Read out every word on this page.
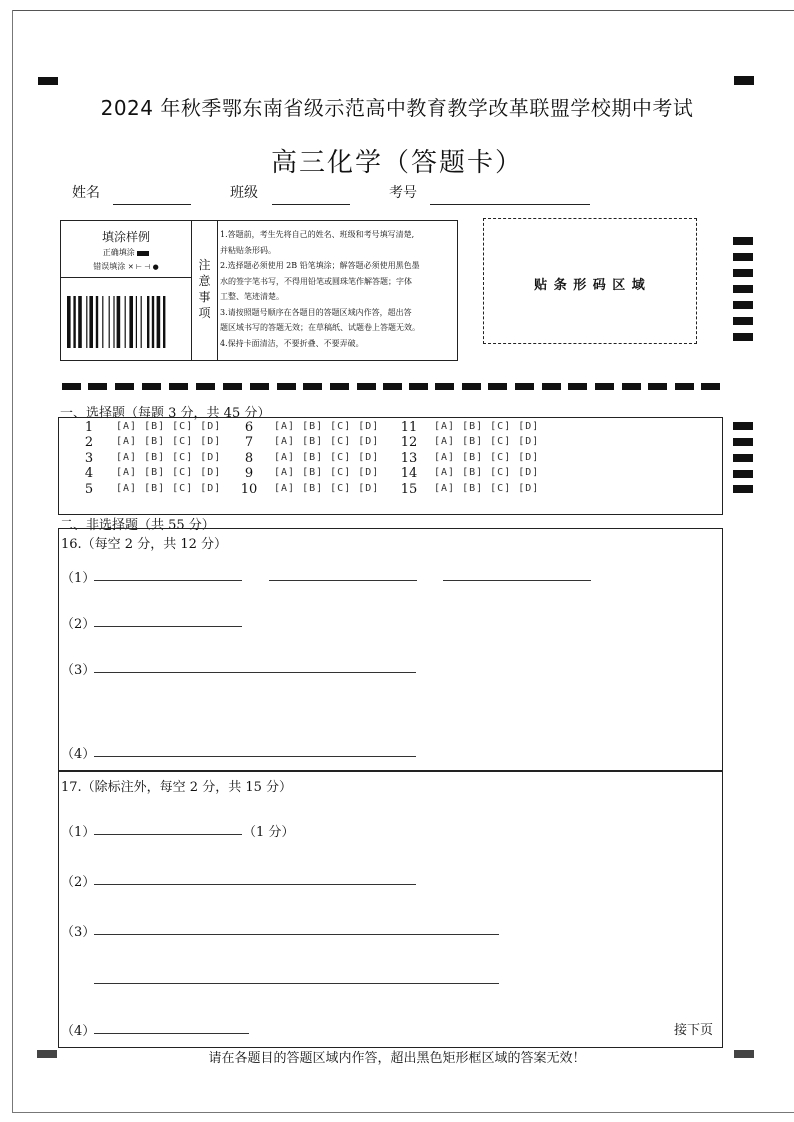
2024 年秋季鄂东南省级示范高中教育教学改革联盟学校期中考试
高三化学（答题卡）
姓名	班级	考号
填涂样例
正确填涂
错误填涂 ✕ ⊢ ⊣ ●	注
意
事
项
1.答题前，考生先将自己的姓名、班级和考号填写清楚,
并粘贴条形码。
2.选择题必须使用 2B 铅笔填涂；解答题必须使用黑色墨
水的签字笔书写，不得用铅笔或圆珠笔作解答题；字体
工整、笔迹清楚。
3.请按照题号顺序在各题目的答题区域内作答，超出答
题区域书写的答题无效；在草稿纸、试题卷上答题无效。
4.保持卡面清洁，不要折叠、不要弄破。
贴 条 形 码 区 域
一、选择题（每题 3 分，共 45 分）
1	[A] [B] [C] [D]
2	[A] [B] [C] [D]
3	[A] [B] [C] [D]
4	[A] [B] [C] [D]
5	[A] [B] [C] [D]
6	[A] [B] [C] [D]
7	[A] [B] [C] [D]
8	[A] [B] [C] [D]
9	[A] [B] [C] [D]
10 [A] [B] [C] [D]
11 [A] [B] [C] [D]
12 [A] [B] [C] [D]
13 [A] [B] [C] [D]
14 [A] [B] [C] [D]
15 [A] [B] [C] [D]
二、非选择题（共 55 分）
16.（每空 2 分，共 12 分）
（1）
（2）
（3）
（4）
17.（除标注外，每空 2 分，共 15 分）
（1）	（1 分）
（2）
（3）
（4）	接下页
请在各题目的答题区域内作答，超出黑色矩形框区域的答案无效！
